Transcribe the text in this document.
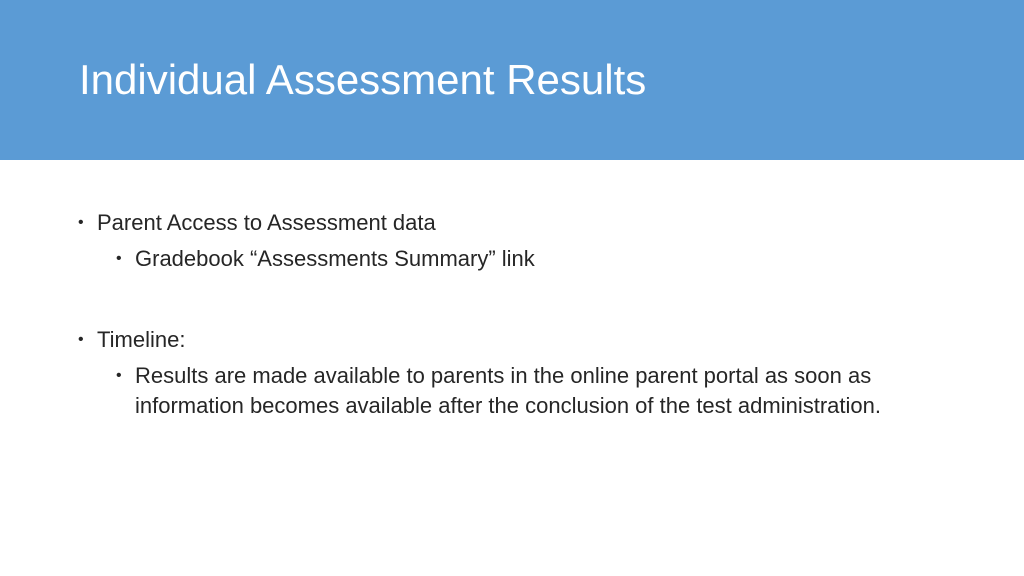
Individual Assessment Results
• Parent Access to Assessment data
• Gradebook “Assessments Summary” link
• Timeline:
• Results are made available to parents in the online parent portal as soon as information becomes available after the conclusion of the test administration.
